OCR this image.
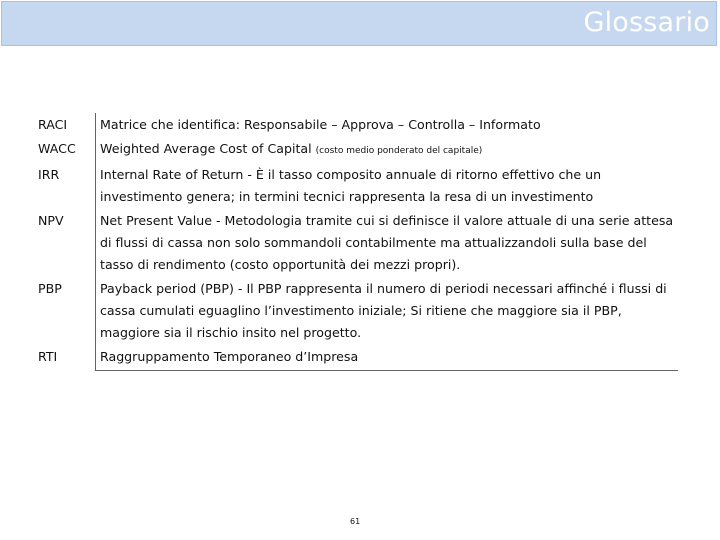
Glossario
RACI	Matrice che identifica: Responsabile – Approva – Controlla – Informato
WACC	Weighted Average Cost of Capital (costo medio ponderato del capitale)
IRR	Internal Rate of Return - È il tasso composito annuale di ritorno effettivo che un investimento genera; in termini tecnici rappresenta la resa di un investimento
NPV	Net Present Value - Metodologia tramite cui si definisce il valore attuale di una serie attesa di flussi di cassa non solo sommandoli contabilmente ma attualizzandoli sulla base del tasso di rendimento (costo opportunità dei mezzi propri).
PBP	Payback period (PBP) - Il PBP rappresenta il numero di periodi necessari affinché i flussi di cassa cumulati eguaglino l’investimento iniziale; Si ritiene che maggiore sia il PBP, maggiore sia il rischio insito nel progetto.
RTI	Raggruppamento Temporaneo d’Impresa
61
